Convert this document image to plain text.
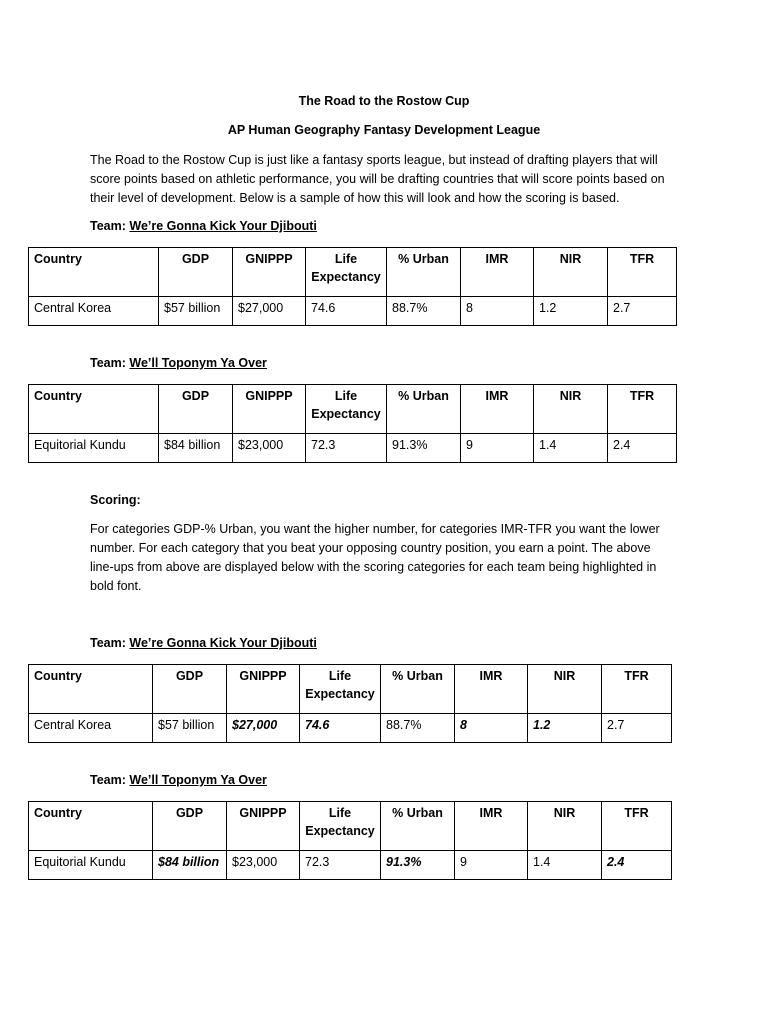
The Road to the Rostow Cup
AP Human Geography Fantasy Development League
The Road to the Rostow Cup is just like a fantasy sports league, but instead of drafting players that will score points based on athletic performance, you will be drafting countries that will score points based on their level of development. Below is a sample of how this will look and how the scoring is based.
Team: We’re Gonna Kick Your Djibouti
Country	GDP	GNIPPP	Life Expectancy	% Urban	IMR	NIR	TFR
Central Korea	$57 billion	$27,000	74.6	88.7%	8	1.2	2.7
Team: We’ll Toponym Ya Over
Country	GDP	GNIPPP	Life Expectancy	% Urban	IMR	NIR	TFR
Equitorial Kundu	$84 billion	$23,000	72.3	91.3%	9	1.4	2.4
Scoring:
For categories GDP-% Urban, you want the higher number, for categories IMR-TFR you want the lower number. For each category that you beat your opposing country position, you earn a point. The above line-ups from above are displayed below with the scoring categories for each team being highlighted in bold font.
Team: We’re Gonna Kick Your Djibouti
Country	GDP	GNIPPP	Life Expectancy	% Urban	IMR	NIR	TFR
Central Korea	$57 billion	$27,000	74.6	88.7%	8	1.2	2.7
Team: We’ll Toponym Ya Over
Country	GDP	GNIPPP	Life Expectancy	% Urban	IMR	NIR	TFR
Equitorial Kundu	$84 billion	$23,000	72.3	91.3%	9	1.4	2.4
